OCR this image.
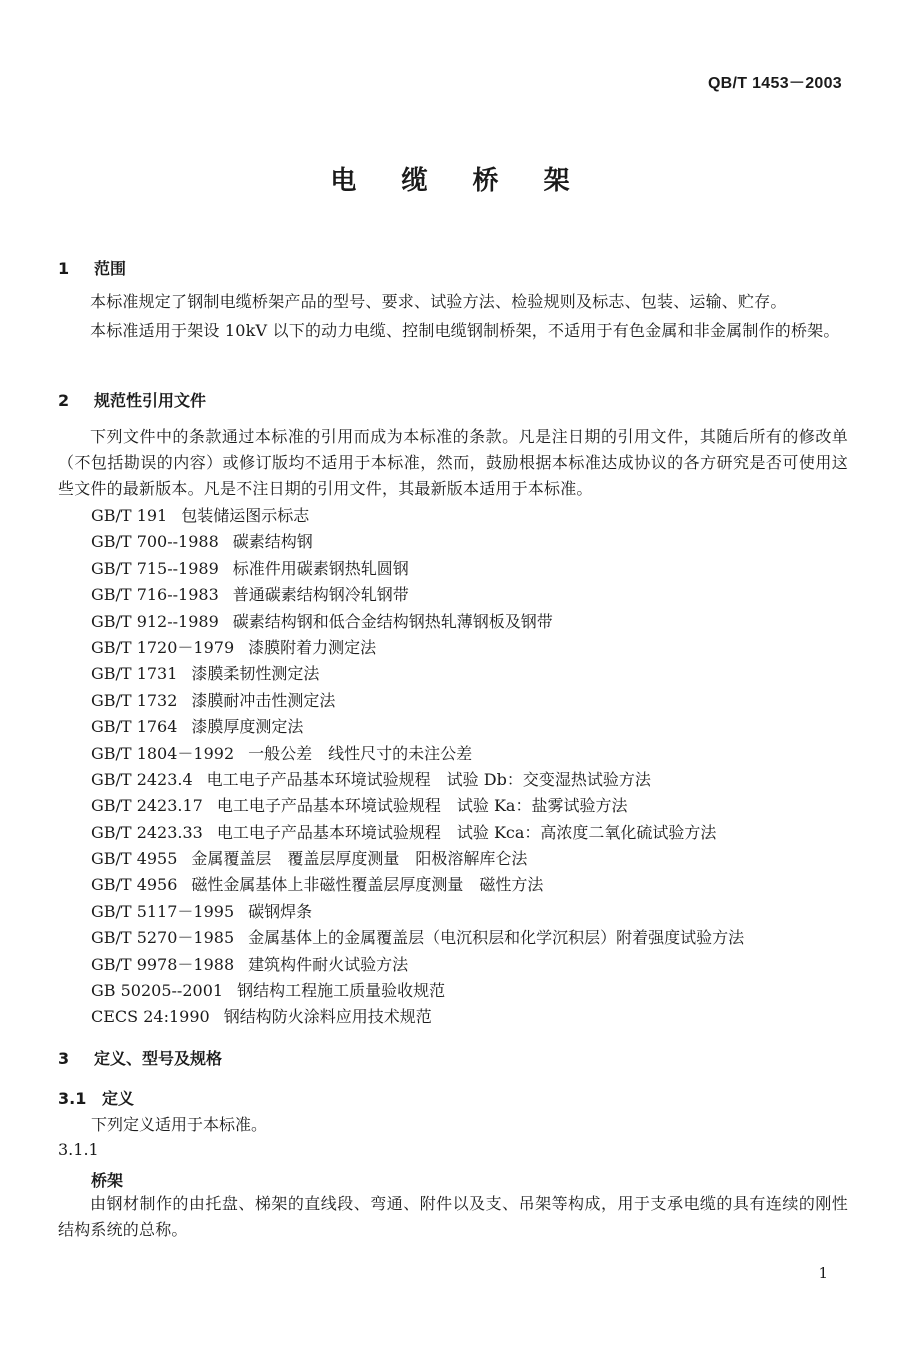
QB/T 1453－2003
电 缆 桥 架
1 范围
本标准规定了钢制电缆桥架产品的型号、要求、试验方法、检验规则及标志、包装、运输、贮存。
本标准适用于架设 10kV 以下的动力电缆、控制电缆钢制桥架，不适用于有色金属和非金属制作的桥架。
2 规范性引用文件
下列文件中的条款通过本标准的引用而成为本标准的条款。凡是注日期的引用文件，其随后所有的修改单（不包括勘误的内容）或修订版均不适用于本标准，然而，鼓励根据本标准达成协议的各方研究是否可使用这些文件的最新版本。凡是不注日期的引用文件，其最新版本适用于本标准。
GB/T 191 包装储运图示标志
GB/T 700--1988 碳素结构钢
GB/T 715--1989 标准件用碳素钢热轧圆钢
GB/T 716--1983 普通碳素结构钢冷轧钢带
GB/T 912--1989 碳素结构钢和低合金结构钢热轧薄钢板及钢带
GB/T 1720－1979 漆膜附着力测定法
GB/T 1731 漆膜柔韧性测定法
GB/T 1732 漆膜耐冲击性测定法
GB/T 1764 漆膜厚度测定法
GB/T 1804－1992 一般公差　线性尺寸的未注公差
GB/T 2423.4 电工电子产品基本环境试验规程　试验 Db：交变湿热试验方法
GB/T 2423.17 电工电子产品基本环境试验规程　试验 Ka：盐雾试验方法
GB/T 2423.33 电工电子产品基本环境试验规程　试验 Kca：高浓度二氧化硫试验方法
GB/T 4955 金属覆盖层　覆盖层厚度测量　阳极溶解库仑法
GB/T 4956 磁性金属基体上非磁性覆盖层厚度测量　磁性方法
GB/T 5117－1995 碳钢焊条
GB/T 5270－1985 金属基体上的金属覆盖层（电沉积层和化学沉积层）附着强度试验方法
GB/T 9978－1988 建筑构件耐火试验方法
GB 50205--2001 钢结构工程施工质量验收规范
CECS 24:1990 钢结构防火涂料应用技术规范
3 定义、型号及规格
3.1 定义
下列定义适用于本标准。
3.1.1
桥架
由钢材制作的由托盘、梯架的直线段、弯通、附件以及支、吊架等构成，用于支承电缆的具有连续的刚性结构系统的总称。
1
